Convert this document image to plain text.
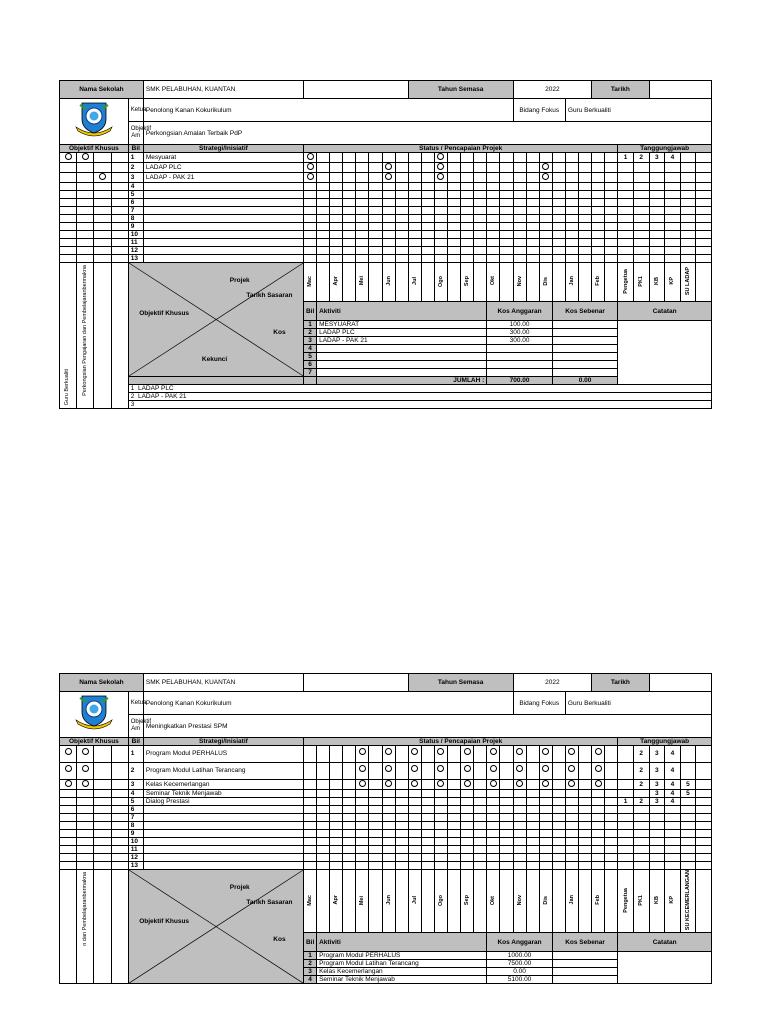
Nama Sekolah					SMK PELABUHAN, KUANTAN									Tahun Semasa								2022						Tarikh							
	Ketua	Penolong Kanan Kokurikulum																	Bidang Fokus				Guru Berkualiti									
				Objektif Am	Perkongsian Amalan Terbaik PdP																														
Objektif Khusus				Bil	Strategi/Inisiatif	Status / Pencapaian Projek																								Tanggungjawab					
				1	Mesyuarat																									1	2	3	4		
				2	LADAP PLC																														
				3	LADAP - PAK 21																														
				4																															
				5																															
				6																															
				7																															
				8																															
				9																															
				10																															
				11																															
				12																															
				13																															
Guru Berkualiti	Perkongsian Pengajaran dan Pembelajaranbermakna			Projek
Tarikh Sasaran
Objektif Khusus
Kos
Kekunci		Mac		Apr		Mei		Jun		Jul		Ogo		Sep		Okt		Nov		Dis		Jan		Feb		Pengetua	PK1	KB	KP	SU LADAP	
						Bil	Aktiviti													Kos Anggaran					Kos Sebenar					Catatan					
						1	MESYUARAT													100.00															
						2	LADAP PLC													300.00															
						3	LADAP - PAK 21													300.00															
						4																													
						5																													
						6																													
						7																													
							JUMLAH :													700.00					0.00										
				1  LADAP PLC																															
				2  LADAP - PAK 21																															
				3																															
Nama Sekolah					SMK PELABUHAN, KUANTAN									Tahun Semasa								2022						Tarikh							
	Ketua	Penolong Kanan Kokurikulum																	Bidang Fokus				Guru Berkualiti									
				Objektif Am	Meningkatkan Prestasi SPM																														
Objektif Khusus				Bil	Strategi/Inisiatif	Status / Pencapaian Projek																								Tanggungjawab					
				1	Program Modul PERHALUS																										2	3	4		
				2	Program Modul Latihan Terancang																										2	3	4		
				3	Kelas Kecemerlangan																										2	3	4	5	
				4	Seminar Teknik Menjawab																											3	4	5	
				5	Dialog Prestasi																									1	2	3	4		
				6																															
				7																															
				8																															
				9																															
				10																															
				11																															
				12																															
				13																															
	n dan Pembelajaranbermakna			Projek
Tarikh Sasaran
Objektif Khusus
Kos		Mac		Apr		Mei		Jun		Jul		Ogo		Sep		Okt		Nov		Dis		Jan		Feb		Pengetua	PK1	KB	KP	SU KECEMERLANGAN	
						Bil	Aktiviti													Kos Anggaran					Kos Sebenar					Catatan					
						1	Program Modul PERHALUS													1000.00															
						2	Program Modul Latihan Terancang													7500.00															
						3	Kelas Kecemerlangan													0.00															
						4	Seminar Teknik Menjawab													5100.00															
